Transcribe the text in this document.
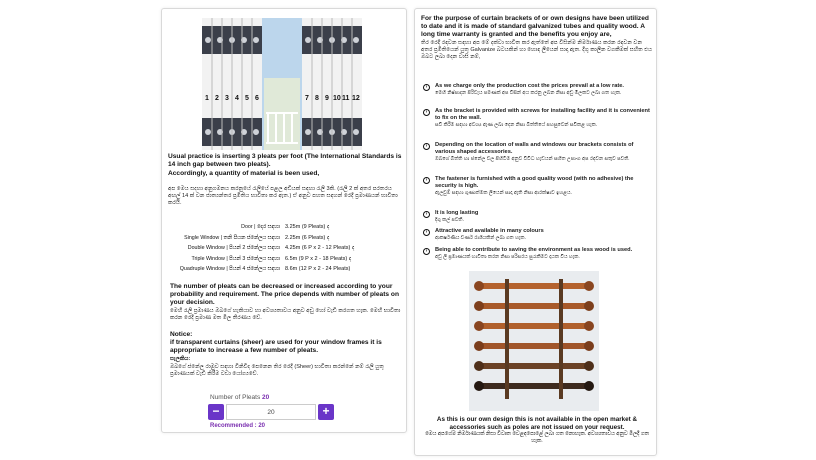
1 2 3 4 5 6	7 8 9 10 11 12
Usual practice is inserting 3 pleats per foot (The International Standards is 14 inch gap between two pleats).
Accordingly, a quantity of material is been used,
අප මෙය සදහා අනුගමනය කරනුයේ රැලියේ පළල අඩියක් සඳහා රැලි 3කි. (රැලි 2 ක් අතර පරතරය අඟල් 14 ක් වන ජාත්‍යන්තර ප්‍රමිතිය භාවිතා කර ඇත.) ඒ අනුව පහත සඳහන් රෙදි ප්‍රමාණයන් භාවිතා කරයි.
Door | දොර සඳහා 3.25m (9 Pleats) ද
Single Window | තනි පියන ජනේලය සඳහා 2.25m (6 Pleats) ද
Double Window | පියන් 2 ජනේලය සඳහා 4.25m (6 P x 2 - 12 Pleats) ද
Triple Window | පියන් 3 ජනේලය සඳහා 6.5m (9 P x 2 - 18 Pleats) ද
Quadruple Window | පියන් 4 ජනේලය සඳහා 8.6m (12 P x 2 - 24 Pleats)
The number of pleats can be decreased or increased according to your probability and requirement. The price depends with number of pleats on your decision.
මෙහි රැලි ප්‍රමාණය ඔබගේ හැකියාව හා අවශ්‍යතාවය අනුව අඩු හෝ වැඩි කරගත හැක. මෙහි භාවිතා කරන රෙදි ප්‍රමාණ මත මිල තීරණය වේ.
Notice:
if transparent curtains (sheer) are used for your window frames it is appropriate to increase a few number of pleats.
සැලකිය:
ඔබගේ ජනේල රාමුව සඳහා විනිවිද පෙනෙන තිර රෙදි (Sheer) භාවිතා කරන්නේ නම් රැලි යුතු ප්‍රමාණයක් වැඩි කිරීම වඩා යෝග්‍යවේ.
Number of Pleats 20
−	20	+
Recommended : 20
For the purpose of curtain brackets of or own designs have been utilized to date and it is made of standard galvanized tubes and quality wood. A long time warranty is granted and the benefits you enjoy are,
තිර රෙදි රඳවන සඳහා අප මේ දක්වා භාවිත කර ඇත්තේ අප විසින්ම නිර්මාණය කරන රඳවන වන අතර ප්‍රමිතියෙන් යුතු Galvanize බටයකින් හා හොඳ ලීයෙන් සාදා ඇත. දිගු කාලීන වගකීමක් සහිත එය ඔබට ලබා දෙන වාසි නම්,
›	As we charge only the production cost the prices prevail at a low rate.
මෙහි නිෂ්පාදන පිරිවැය පමණක් අප විසින් අය කරනු ලබන නිසා අඩු මිලකට ලබා ගත හැක.
›	As the bracket is provided with screws for installing facility and it is convenient to fix on the wall.
සවි කිරීම සඳහා අවශ්‍ය ඇණ ලබා දෙන නිසා බිත්තියේ පහසුවෙන් සවිකළ හැක.
›	Depending on the location of walls and windows our brackets consists of various shaped accessories.
ඔබගේ බිත්ති හා ජනේල වල පිහිටීම අනුව විවිධ හැඩයන් සහිත උපාංග අප රඳවන සතුව පවතී.
›	The fastener is furnished with a good quality wood (with no adhesive) the security is high.
ඇලවුම් සඳහා ගුණාත්මක ලීයෙන් සාදා ඇති නිසා ආරක්ෂාව ඉහළය.
›	It is long lasting
දිගු කල් පවතී.
›	Attractive and available in many colours
ආකර්ෂණීය වර්ණ රාශියකින් ලබා ගත හැක.
›	Being able to contribute to saving the environment as less wood is used.
අඩු ලී ප්‍රමාණයක් භාවිතා කරන නිසා පරිසරය සුරැකීමට දායක විය හැක.
As this is our own design this is not available in the open market & accessories such as poles are not issued on your request.
මෙය අපගේම නිර්මාණයක් නිසා විවෘත වෙළඳපොළේ ලබා ගත නොහැක. අවශ්‍යතාවය අනුව මිලදී ගත හැක.
